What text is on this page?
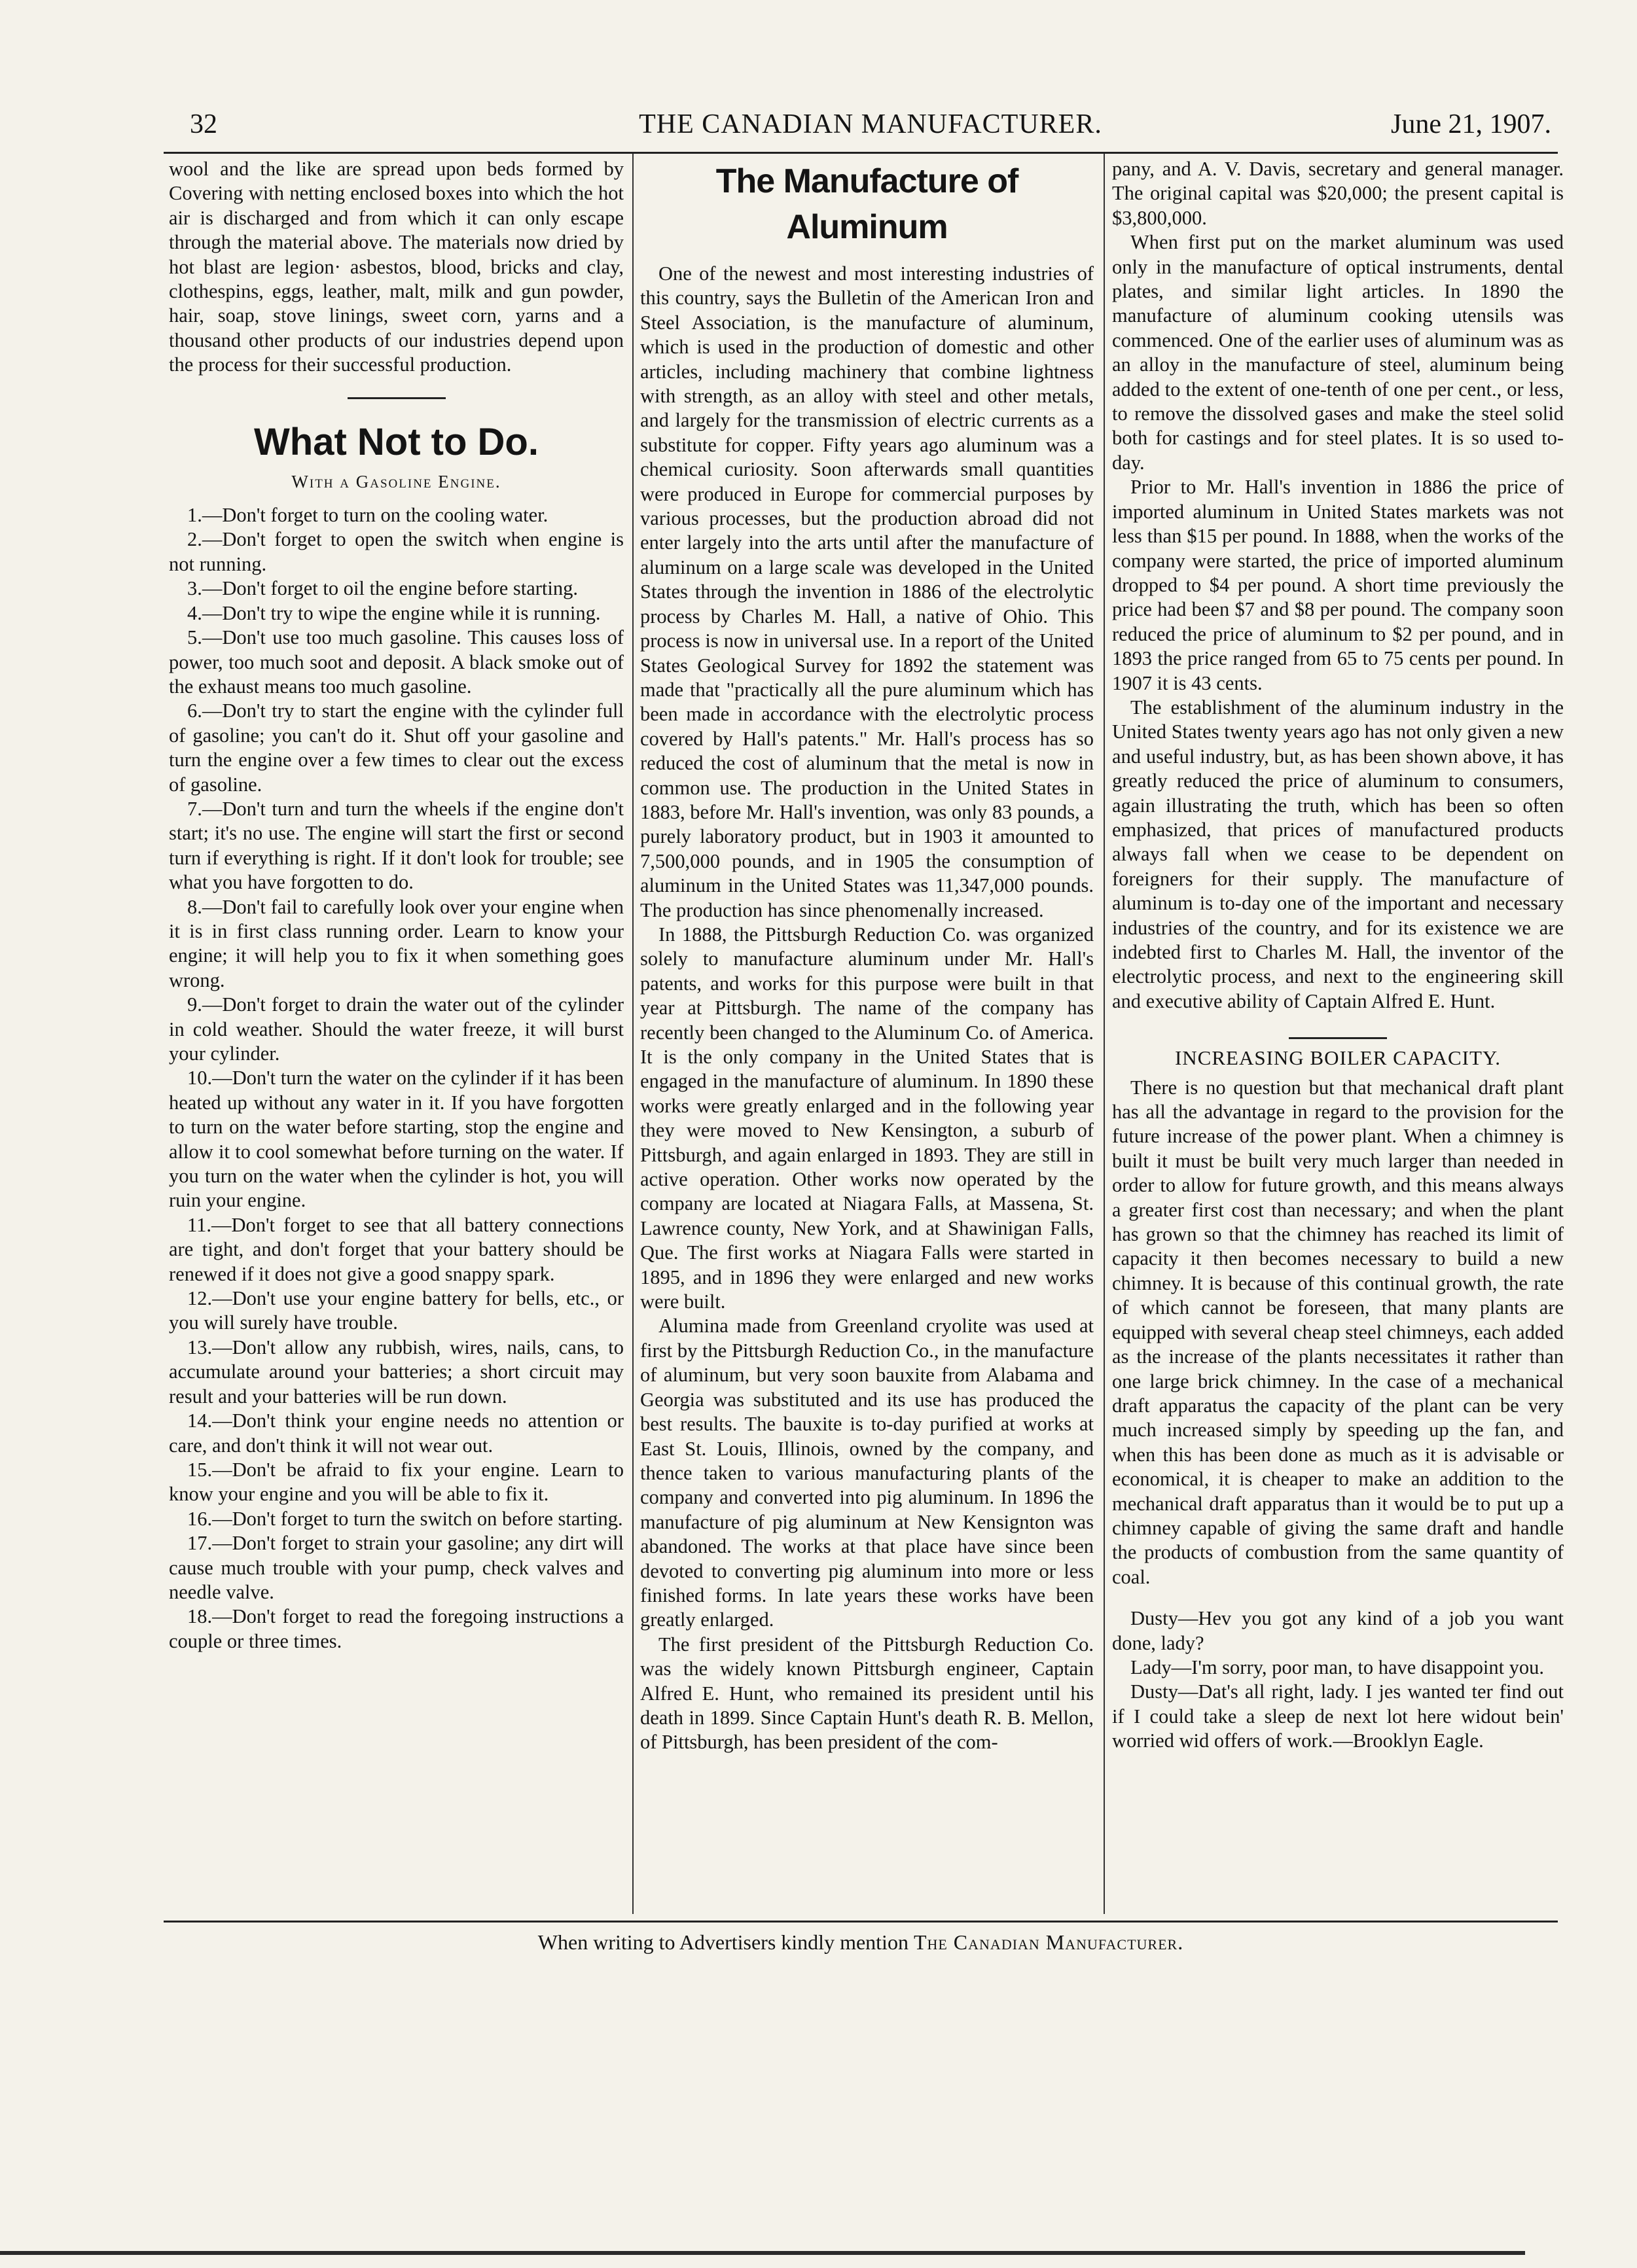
32	THE CANADIAN MANUFACTURER.	June 21, 1907.

wool and the like are spread upon beds formed by Covering with netting enclosed boxes into which the hot air is discharged and from which it can only escape through the material above. The materials now dried by hot blast are legion· asbestos, blood, bricks and clay, clothespins, eggs, leather, malt, milk and gun powder, hair, soap, stove linings, sweet corn, yarns and a thousand other products of our industries depend upon the process for their successful production.

What Not to Do.
With a Gasoline Engine.

1.—Don't forget to turn on the cooling water.

2.—Don't forget to open the switch when engine is not running.

3.—Don't forget to oil the engine before starting.

4.—Don't try to wipe the engine while it is running.

5.—Don't use too much gasoline. This causes loss of power, too much soot and deposit. A black smoke out of the exhaust means too much gasoline.

6.—Don't try to start the engine with the cylinder full of gasoline; you can't do it. Shut off your gasoline and turn the engine over a few times to clear out the excess of gasoline.

7.—Don't turn and turn the wheels if the engine don't start; it's no use. The engine will start the first or second turn if everything is right. If it don't look for trouble; see what you have forgotten to do.

8.—Don't fail to carefully look over your engine when it is in first class running order. Learn to know your engine; it will help you to fix it when something goes wrong.

9.—Don't forget to drain the water out of the cylinder in cold weather. Should the water freeze, it will burst your cylinder.

10.—Don't turn the water on the cylinder if it has been heated up without any water in it. If you have forgotten to turn on the water before starting, stop the engine and allow it to cool somewhat before turning on the water. If you turn on the water when the cylinder is hot, you will ruin your engine.

11.—Don't forget to see that all battery connections are tight, and don't forget that your battery should be renewed if it does not give a good snappy spark.

12.—Don't use your engine battery for bells, etc., or you will surely have trouble.

13.—Don't allow any rubbish, wires, nails, cans, to accumulate around your batteries; a short circuit may result and your batteries will be run down.

14.—Don't think your engine needs no attention or care, and don't think it will not wear out.

15.—Don't be afraid to fix your engine. Learn to know your engine and you will be able to fix it.

16.—Don't forget to turn the switch on before starting.

17.—Don't forget to strain your gasoline; any dirt will cause much trouble with your pump, check valves and needle valve.

18.—Don't forget to read the foregoing instructions a couple or three times.

The Manufacture of Aluminum

One of the newest and most interesting industries of this country, says the Bulletin of the American Iron and Steel Association, is the manufacture of aluminum, which is used in the production of domestic and other articles, including machinery that combine lightness with strength, as an alloy with steel and other metals, and largely for the transmission of electric currents as a substitute for copper. Fifty years ago aluminum was a chemical curiosity. Soon afterwards small quantities were produced in Europe for commercial purposes by various processes, but the production abroad did not enter largely into the arts until after the manufacture of aluminum on a large scale was developed in the United States through the invention in 1886 of the electrolytic process by Charles M. Hall, a native of Ohio. This process is now in universal use. In a report of the United States Geological Survey for 1892 the statement was made that "practically all the pure aluminum which has been made in accordance with the electrolytic process covered by Hall's patents." Mr. Hall's process has so reduced the cost of aluminum that the metal is now in common use. The production in the United States in 1883, before Mr. Hall's invention, was only 83 pounds, a purely laboratory product, but in 1903 it amounted to 7,500,000 pounds, and in 1905 the consumption of aluminum in the United States was 11,347,000 pounds. The production has since phenomenally increased.

In 1888, the Pittsburgh Reduction Co. was organized solely to manufacture aluminum under Mr. Hall's patents, and works for this purpose were built in that year at Pittsburgh. The name of the company has recently been changed to the Aluminum Co. of America. It is the only company in the United States that is engaged in the manufacture of aluminum. In 1890 these works were greatly enlarged and in the following year they were moved to New Kensington, a suburb of Pittsburgh, and again enlarged in 1893. They are still in active operation. Other works now operated by the company are located at Niagara Falls, at Massena, St. Lawrence county, New York, and at Shawinigan Falls, Que. The first works at Niagara Falls were started in 1895, and in 1896 they were enlarged and new works were built.

Alumina made from Greenland cryolite was used at first by the Pittsburgh Reduction Co., in the manufacture of aluminum, but very soon bauxite from Alabama and Georgia was substituted and its use has produced the best results. The bauxite is to-day purified at works at East St. Louis, Illinois, owned by the company, and thence taken to various manufacturing plants of the company and converted into pig aluminum. In 1896 the manufacture of pig aluminum at New Kensignton was abandoned. The works at that place have since been devoted to converting pig aluminum into more or less finished forms. In late years these works have been greatly enlarged.

The first president of the Pittsburgh Reduction Co. was the widely known Pittsburgh engineer, Captain Alfred E. Hunt, who remained its president until his death in 1899. Since Captain Hunt's death R. B. Mellon, of Pittsburgh, has been president of the com-

pany, and A. V. Davis, secretary and general manager. The original capital was $20,000; the present capital is $3,800,000.

When first put on the market aluminum was used only in the manufacture of optical instruments, dental plates, and similar light articles. In 1890 the manufacture of aluminum cooking utensils was commenced. One of the earlier uses of aluminum was as an alloy in the manufacture of steel, aluminum being added to the extent of one-tenth of one per cent., or less, to remove the dissolved gases and make the steel solid both for castings and for steel plates. It is so used to-day.

Prior to Mr. Hall's invention in 1886 the price of imported aluminum in United States markets was not less than $15 per pound. In 1888, when the works of the company were started, the price of imported aluminum dropped to $4 per pound. A short time previously the price had been $7 and $8 per pound. The company soon reduced the price of aluminum to $2 per pound, and in 1893 the price ranged from 65 to 75 cents per pound. In 1907 it is 43 cents.

The establishment of the aluminum industry in the United States twenty years ago has not only given a new and useful industry, but, as has been shown above, it has greatly reduced the price of aluminum to consumers, again illustrating the truth, which has been so often emphasized, that prices of manufactured products always fall when we cease to be dependent on foreigners for their supply. The manufacture of aluminum is to-day one of the important and necessary industries of the country, and for its existence we are indebted first to Charles M. Hall, the inventor of the electrolytic process, and next to the engineering skill and executive ability of Captain Alfred E. Hunt.

INCREASING BOILER CAPACITY.

There is no question but that mechanical draft plant has all the advantage in regard to the provision for the future increase of the power plant. When a chimney is built it must be built very much larger than needed in order to allow for future growth, and this means always a greater first cost than necessary; and when the plant has grown so that the chimney has reached its limit of capacity it then becomes necessary to build a new chimney. It is because of this continual growth, the rate of which cannot be foreseen, that many plants are equipped with several cheap steel chimneys, each added as the increase of the plants necessitates it rather than one large brick chimney. In the case of a mechanical draft apparatus the capacity of the plant can be very much increased simply by speeding up the fan, and when this has been done as much as it is advisable or economical, it is cheaper to make an addition to the mechanical draft apparatus than it would be to put up a chimney capable of giving the same draft and handle the products of combustion from the same quantity of coal.

Dusty—Hev you got any kind of a job you want done, lady?

Lady—I'm sorry, poor man, to have disappoint you.

Dusty—Dat's all right, lady. I jes wanted ter find out if I could take a sleep de next lot here widout bein' worried wid offers of work.—Brooklyn Eagle.

When writing to Advertisers kindly mention The Canadian Manufacturer.
